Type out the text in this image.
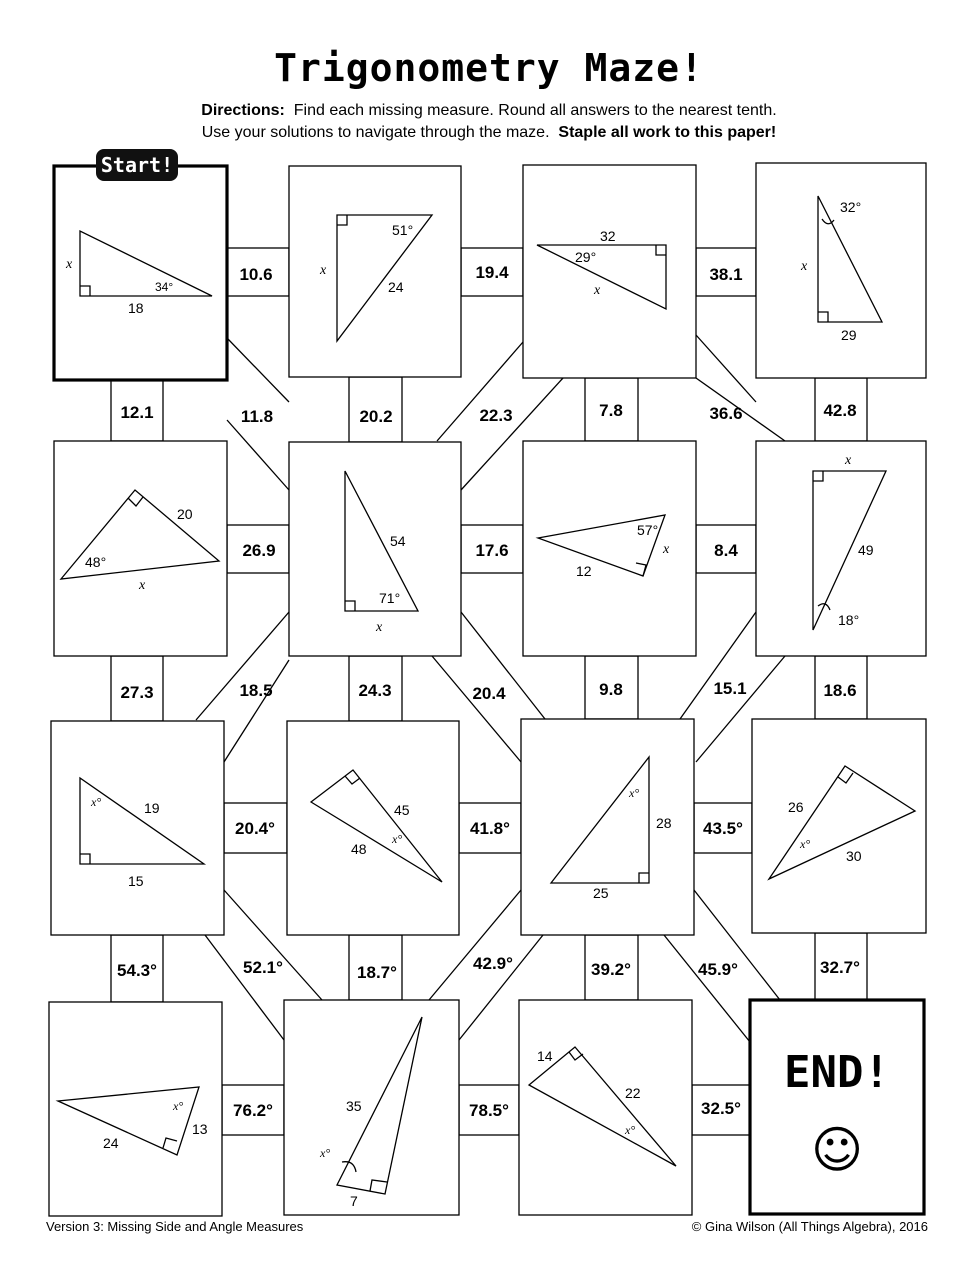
Trigonometry Maze!
Directions: Find each missing measure. Round all answers to the nearest tenth.
Use your solutions to navigate through the maze. Staple all work to this paper!
x
18
34°
x
24
51°
x
32
29°
x
29
32°
x
20
48°
x
54
71°
x
12
57°
x
49
18°
x°	19
15
x°
45
48
x°
28
25
x°
26
30
x°
13
24
x°
35
7
x°
14
22
10.6	19.4	38.1
12.1	11.8	20.2	22.3	7.8	36.6	42.8
26.9	17.6	8.4
27.3	18.5	24.3	20.4	9.8	15.1	18.6
20.4°	41.8°	43.5°
54.3°	52.1°	18.7°	42.9°	39.2°	45.9°	32.7°
76.2°	78.5°	32.5°
END!
☺
Start!
Version 3: Missing Side and Angle Measures	© Gina Wilson (All Things Algebra), 2016
